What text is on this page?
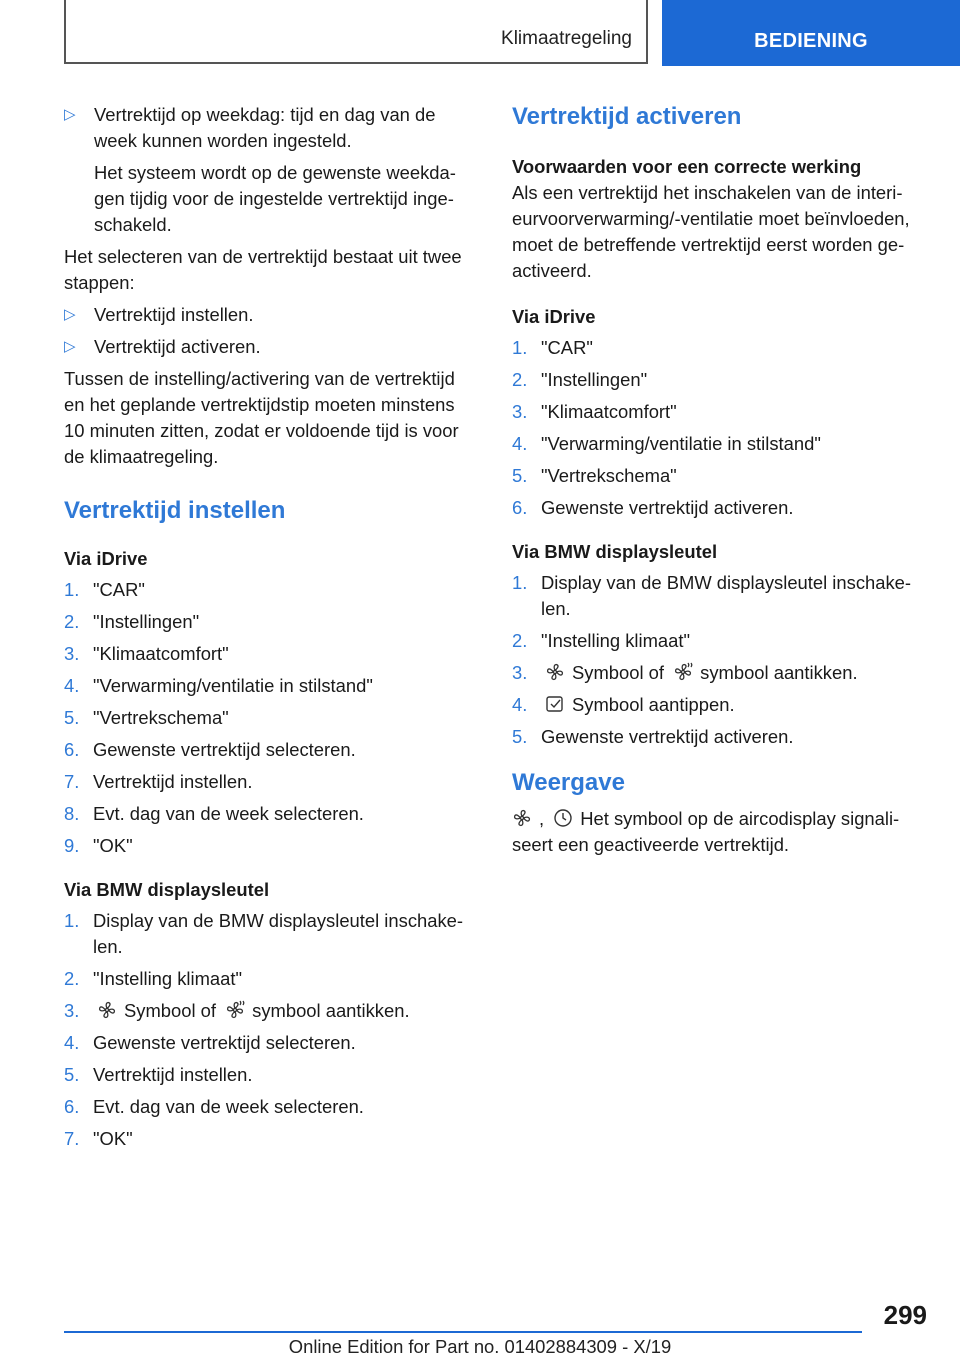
Klimaatregeling	BEDIENING
▷ Vertrektijd op weekdag: tijd en dag van de week kunnen worden ingesteld.

Het systeem wordt op de gewenste weekda‐gen tijdig voor de ingestelde vertrektijd inge‐schakeld.

Het selecteren van de vertrektijd bestaat uit twee stappen:

▷ Vertrektijd instellen.
▷ Vertrektijd activeren.

Tussen de instelling/activering van de vertrektijd en het geplande vertrektijdstip moeten minstens 10 minuten zitten, zodat er voldoende tijd is voor de klimaatregeling.

Vertrektijd instellen
Via iDrive
1. "CAR"
2. "Instellingen"
3. "Klimaatcomfort"
4. "Verwarming/ventilatie in stilstand"
5. "Vertrekschema"
6. Gewenste vertrektijd selecteren.
7. Vertrektijd instellen.
8. Evt. dag van de week selecteren.
9. "OK"
Via BMW displaysleutel
1. Display van de BMW displaysleutel inschake‐len.
2. "Instelling klimaat"
3. Symbool of symbool aantikken.
4. Gewenste vertrektijd selecteren.
5. Vertrektijd instellen.
6. Evt. dag van de week selecteren.
7. "OK"
Vertrektijd activeren
Voorwaarden voor een correcte werking

Als een vertrektijd het inschakelen van de interi‐eurvoorverwarming/-ventilatie moet beïnvloeden, moet de betreffende vertrektijd eerst worden ge‐activeerd.

Via iDrive
1. "CAR"
2. "Instellingen"
3. "Klimaatcomfort"
4. "Verwarming/ventilatie in stilstand"
5. "Vertrekschema"
6. Gewenste vertrektijd activeren.
Via BMW displaysleutel
1. Display van de BMW displaysleutel inschake‐len.
2. "Instelling klimaat"
3. Symbool of symbool aantikken.
4. Symbool aantippen.
5. Gewenste vertrektijd activeren.
Weergave

, Het symbool op de aircodisplay signali‐seert een geactiveerde vertrektijd.

299
Online Edition for Part no. 01402884309 - X/19
